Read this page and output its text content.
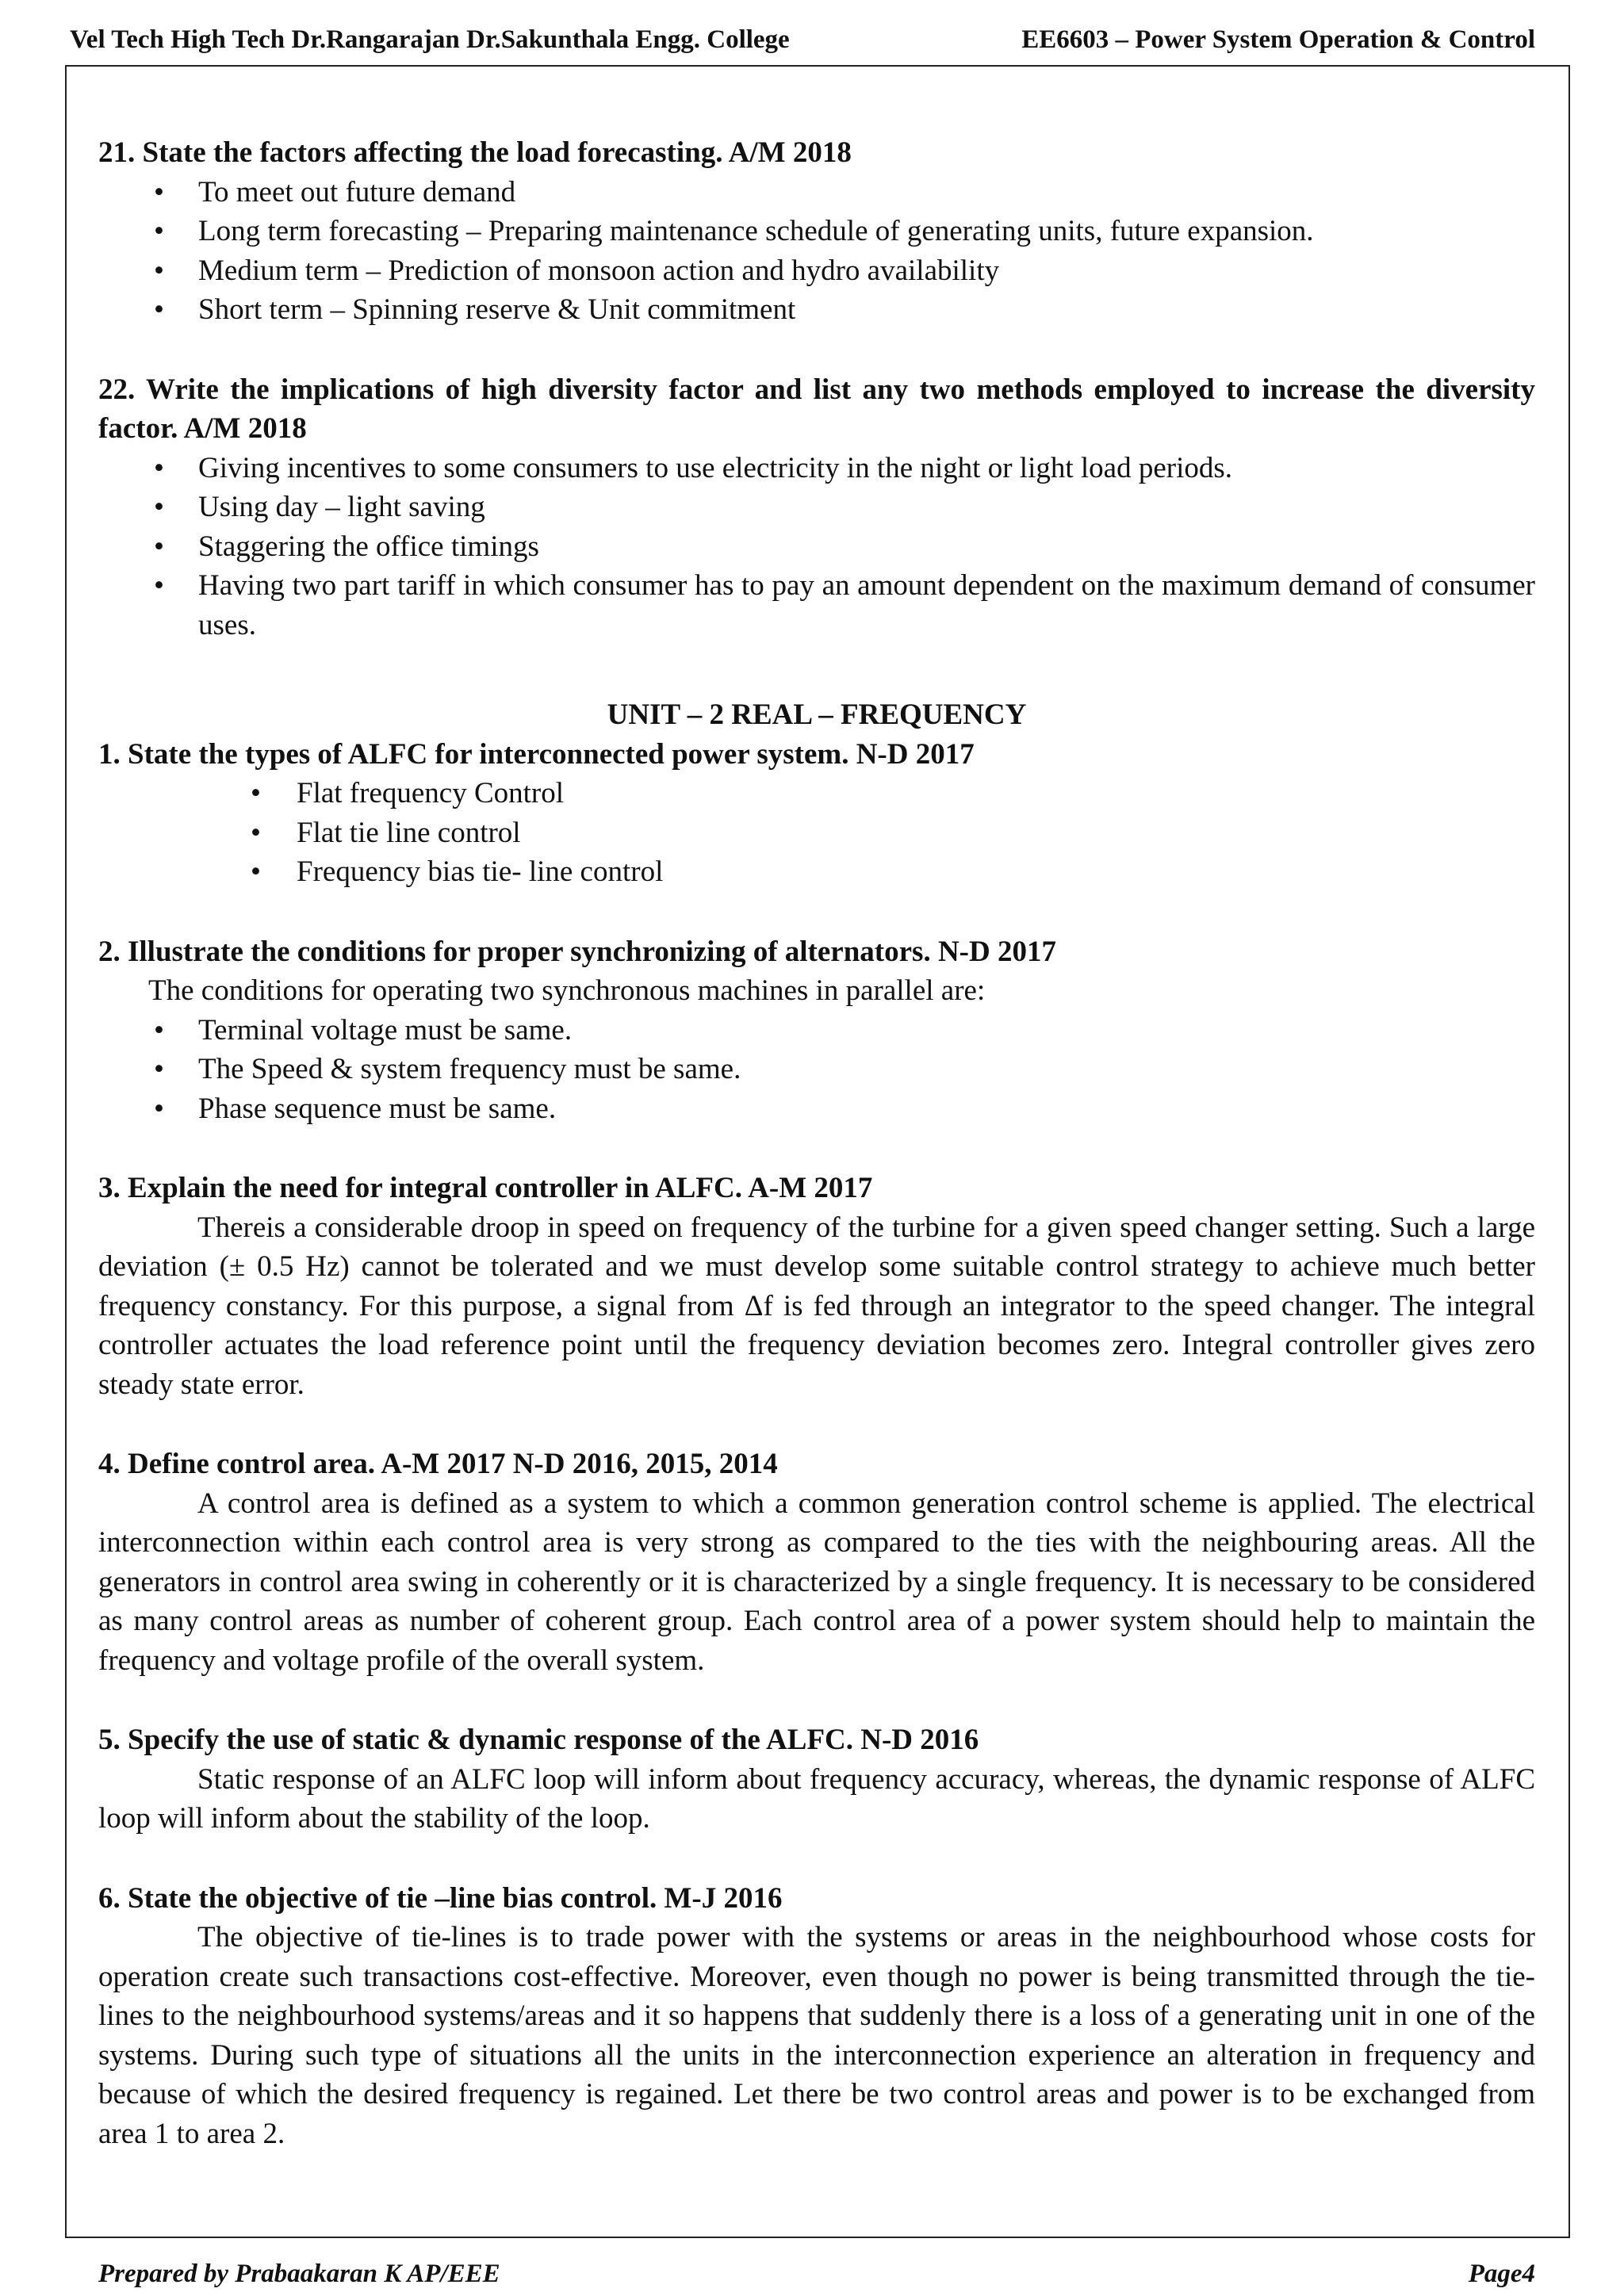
Vel Tech High Tech Dr.Rangarajan Dr.Sakunthala Engg. College	EE6603 – Power System Operation & Control

21. State the factors affecting the load forecasting. A/M 2018

• To meet out future demand
• Long term forecasting – Preparing maintenance schedule of generating units, future expansion.
• Medium term – Prediction of monsoon action and hydro availability
• Short term – Spinning reserve & Unit commitment

22. Write the implications of high diversity factor and list any two methods employed to increase the diversity factor. A/M 2018

• Giving incentives to some consumers to use electricity in the night or light load periods.
• Using day – light saving
• Staggering the office timings
• Having two part tariff in which consumer has to pay an amount dependent on the maximum demand of consumer uses.

UNIT – 2 REAL – FREQUENCY

1. State the types of ALFC for interconnected power system. N-D 2017

• Flat frequency Control
• Flat tie line control
• Frequency bias tie- line control

2. Illustrate the conditions for proper synchronizing of alternators. N-D 2017

The conditions for operating two synchronous machines in parallel are:

• Terminal voltage must be same.
• The Speed & system frequency must be same.
• Phase sequence must be same.

3. Explain the need for integral controller in ALFC. A-M 2017

Thereis a considerable droop in speed on frequency of the turbine for a given speed changer setting. Such a large deviation (± 0.5 Hz) cannot be tolerated and we must develop some suitable control strategy to achieve much better frequency constancy. For this purpose, a signal from Δf is fed through an integrator to the speed changer. The integral controller actuates the load reference point until the frequency deviation becomes zero. Integral controller gives zero steady state error.

4. Define control area. A-M 2017 N-D 2016, 2015, 2014

A control area is defined as a system to which a common generation control scheme is applied. The electrical interconnection within each control area is very strong as compared to the ties with the neighbouring areas. All the generators in control area swing in coherently or it is characterized by a single frequency. It is necessary to be considered as many control areas as number of coherent group. Each control area of a power system should help to maintain the frequency and voltage profile of the overall system.

5. Specify the use of static & dynamic response of the ALFC. N-D 2016

Static response of an ALFC loop will inform about frequency accuracy, whereas, the dynamic response of ALFC loop will inform about the stability of the loop.

6. State the objective of tie –line bias control. M-J 2016

The objective of tie-lines is to trade power with the systems or areas in the neighbourhood whose costs for operation create such transactions cost-effective. Moreover, even though no power is being transmitted through the tie-lines to the neighbourhood systems/areas and it so happens that suddenly there is a loss of a generating unit in one of the systems. During such type of situations all the units in the interconnection experience an alteration in frequency and because of which the desired frequency is regained. Let there be two control areas and power is to be exchanged from area 1 to area 2.

Prepared by Prabaakaran K AP/EEE	Page4
